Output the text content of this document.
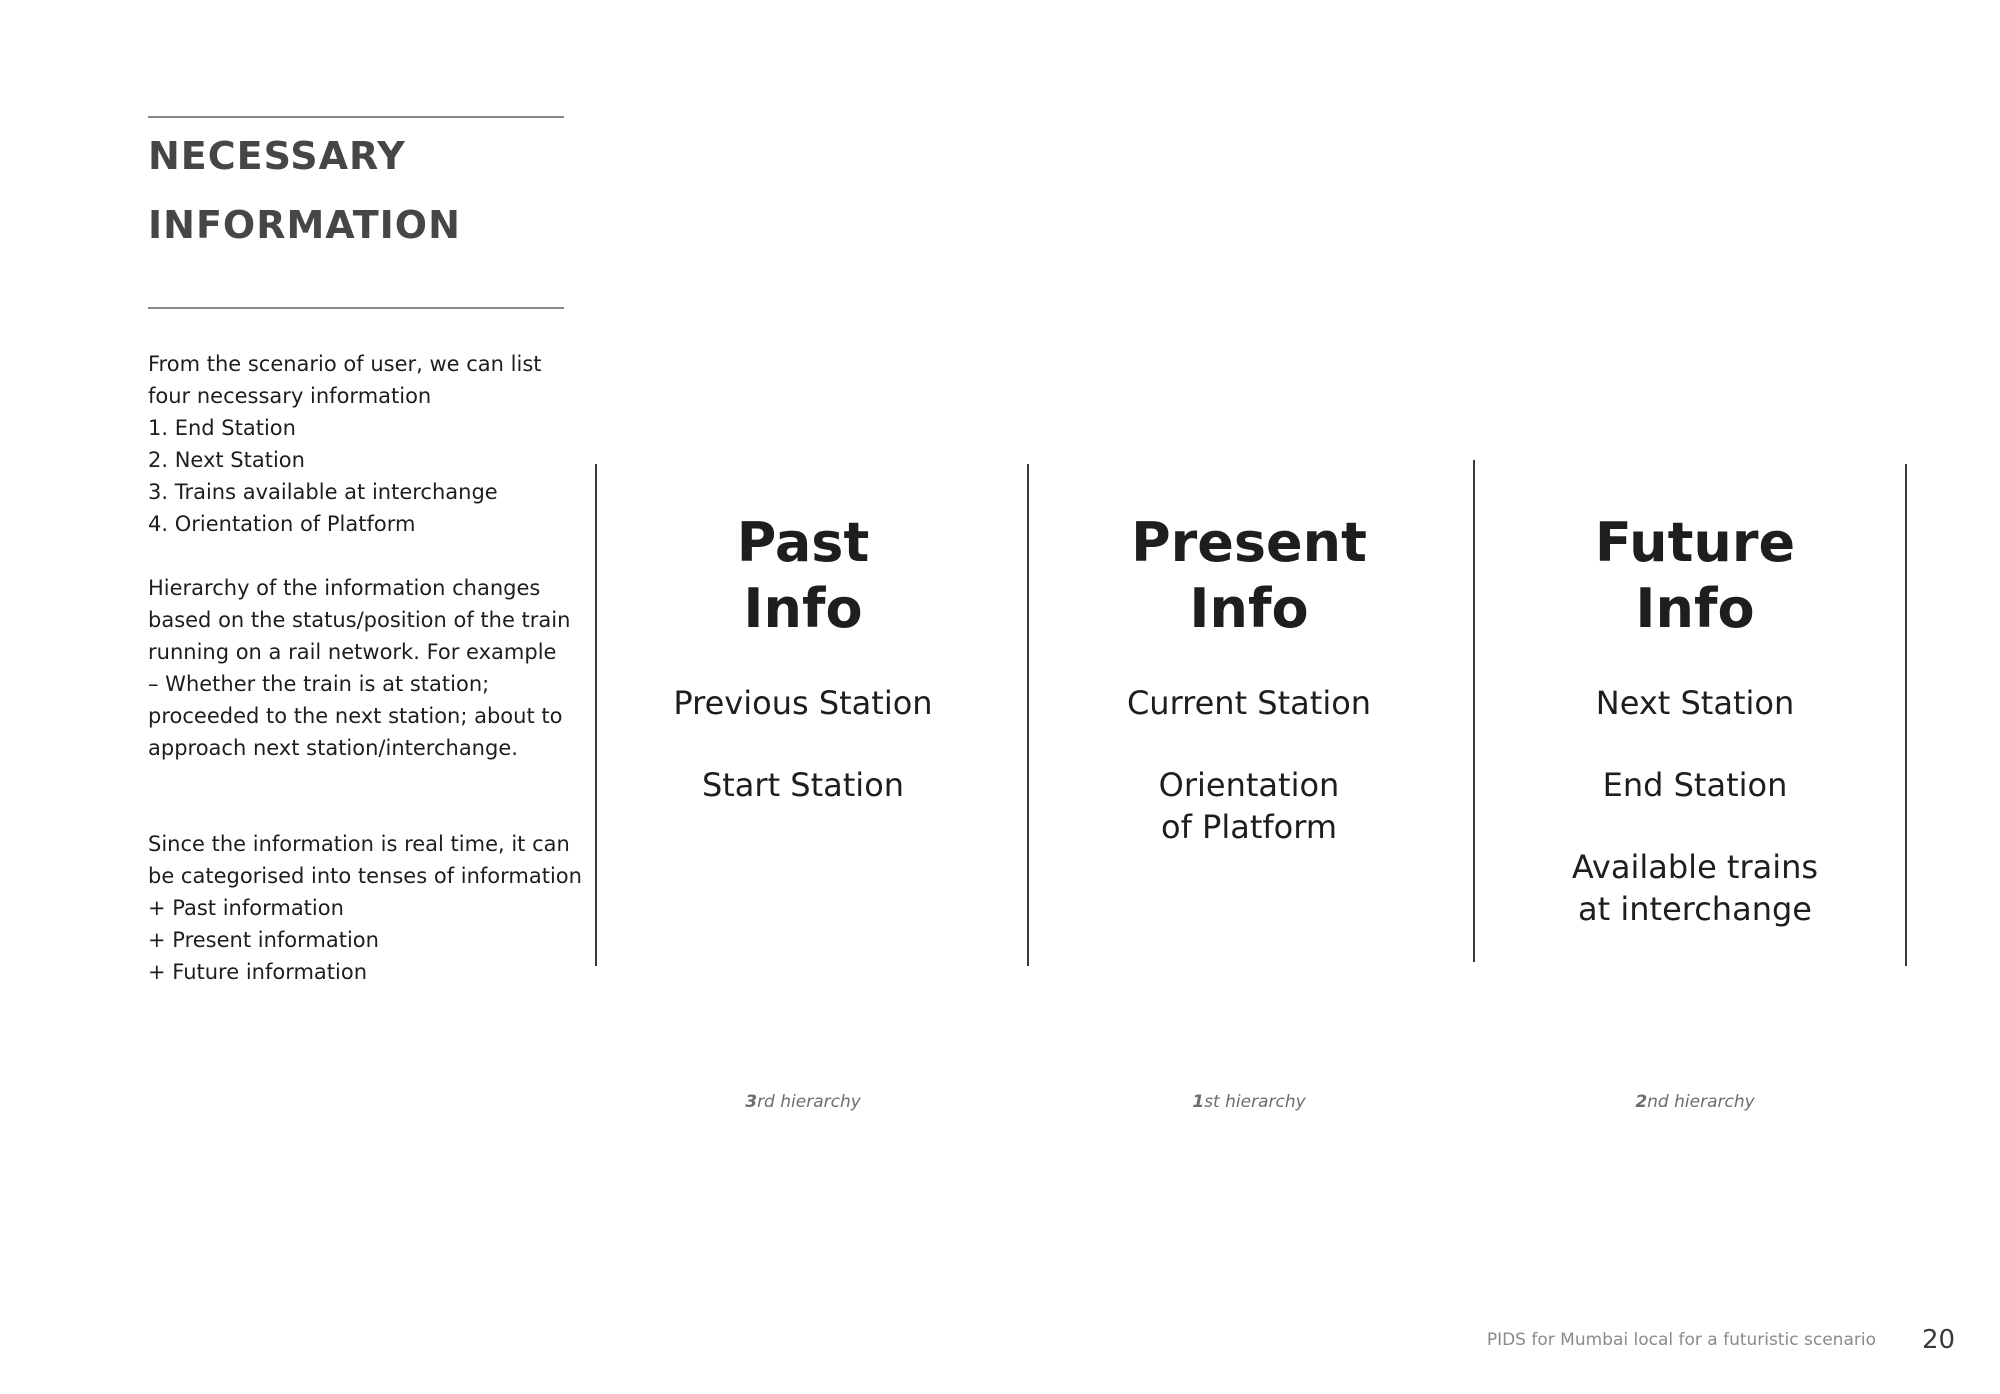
NECESSARY
INFORMATION
From the scenario of user, we can list
four necessary information
1. End Station
2. Next Station
3. Trains available at interchange
4. Orientation of Platform
Hierarchy of the information changes
based on the status/position of the train
running on a rail network. For example
– Whether the train is at station;
proceeded to the next station; about to
approach next station/interchange.
Since the information is real time, it can
be categorised into tenses of information
+ Past information
+ Present information
+ Future information
Past
Info
Previous Station
Start Station
Present
Info
Current Station
Orientation
of Platform
Future
Info
Next Station
End Station
Available trains
at interchange
3rd hierarchy	1st hierarchy	2nd hierarchy
PIDS for Mumbai local for a futuristic scenario 20
